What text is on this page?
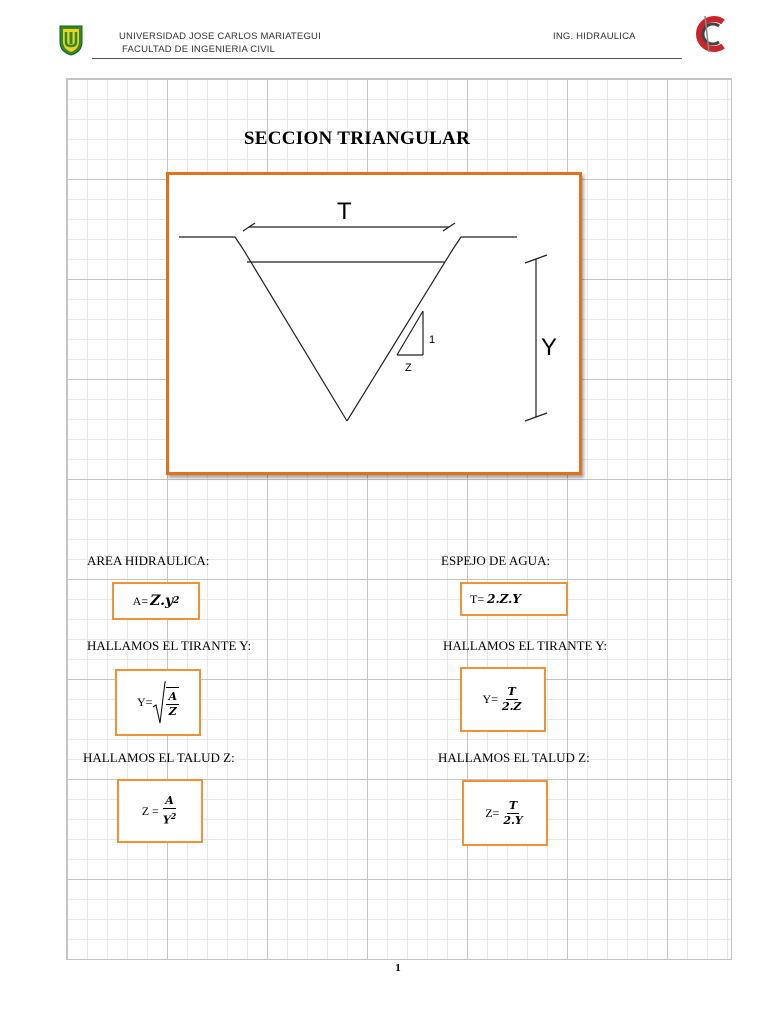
UNIVERSIDAD JOSE CARLOS MARIATEGUI
FACULTAD DE INGENIERIA CIVIL
ING. HIDRAULICA
SECCION TRIANGULAR
T
Y
1
Z
AREA HIDRAULICA:
A= Z.y 2
HALLAMOS EL TIRANTE Y:
$Y= \frac{A}{Z}$
HALLAMOS EL TALUD Z:
$Z = \frac{A}{Y^2}$
ESPEJO DE AGUA:
T= 2.Z.Y
HALLAMOS EL TIRANTE Y:
$Y= \frac{T}{2.Z}$
HALLAMOS EL TALUD Z:
$Z= \frac{T}{2.Y}$
1
